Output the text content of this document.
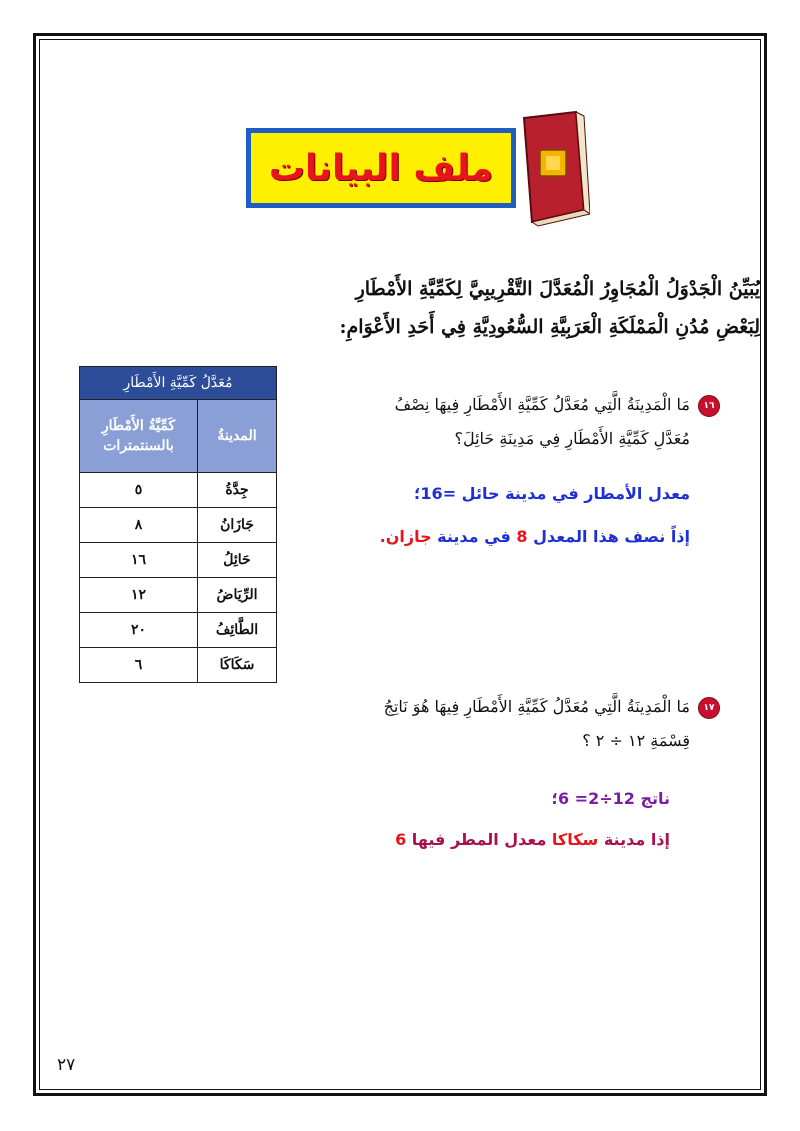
ملف البيانات
يُبَيِّنُ الْجَدْوَلُ الْمُجَاوِرُ الْمُعَدَّلَ التَّقْرِيبِيَّ لِكَمِّيَّةِ الأَمْطَارِ
لِبَعْضِ مُدُنِ الْمَمْلَكَةِ الْعَرَبِيَّةِ السُّعُودِيَّةِ فِي أَحَدِ الأَعْوَامِ:
مُعَدَّلُ كَمِّيَّةِ الأَمْطَارِ	
المدينةُ	كَمِّيَّةُ الأَمْطَارِ بالسنتمترات
جِدَّةُ	٥
جَازَانُ	٨
حَائِلُ	١٦
الرِّيَاضُ	١٢
الطَّائِفُ	٢٠
سَكَاكَا	٦
١٦
مَا الْمَدِينَةُ الَّتِي مُعَدَّلُ كَمِّيَّةِ الأَمْطَارِ فِيهَا نِصْفُ
مُعَدَّلِ كَمِّيَّةِ الأَمْطَارِ فِي مَدِينَةِ حَائِلَ؟
معدل الأمطار في مدينة حائل =16؛
إذاً نصف هذا المعدل 8 في مدينة جازان.
١٧
مَا الْمَدِينَةُ الَّتِي مُعَدَّلُ كَمِّيَّةِ الأَمْطَارِ فِيهَا هُوَ نَاتِجُ
قِسْمَةِ ١٢ ÷ ٢ ؟
ناتج 12÷2= 6؛
إذا مدينة سكاكا معدل المطر فيها 6
٢٧
